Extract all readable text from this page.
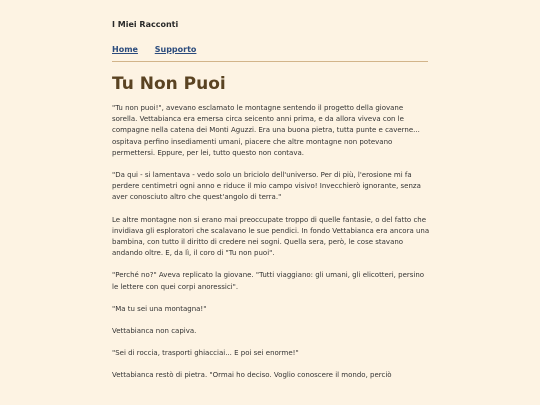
I Miei Racconti
Home Supporto
Tu Non Puoi

"Tu non puoi!", avevano esclamato le montagne sentendo il progetto della giovane sorella. Vettabianca era emersa circa seicento anni prima, e da allora viveva con le compagne nella catena dei Monti Aguzzi. Era una buona pietra, tutta punte e caverne... ospitava perfino insediamenti umani, piacere che altre montagne non potevano permettersi. Eppure, per lei, tutto questo non contava.

"Da qui - si lamentava - vedo solo un briciolo dell'universo. Per di più, l'erosione mi fa perdere centimetri ogni anno e riduce il mio campo visivo! Invecchierò ignorante, senza aver conosciuto altro che quest'angolo di terra."

Le altre montagne non si erano mai preoccupate troppo di quelle fantasie, o del fatto che invidiava gli esploratori che scalavano le sue pendici. In fondo Vettabianca era ancora una bambina, con tutto il diritto di credere nei sogni. Quella sera, però, le cose stavano andando oltre. E, da lì, il coro di "Tu non puoi".

"Perché no?" Aveva replicato la giovane. "Tutti viaggiano: gli umani, gli elicotteri, persino le lettere con quei corpi anoressici".

"Ma tu sei una montagna!"

Vettabianca non capiva.

"Sei di roccia, trasporti ghiacciai... E poi sei enorme!"

Vettabianca restò di pietra. "Ormai ho deciso. Voglio conoscere il mondo, perciò
